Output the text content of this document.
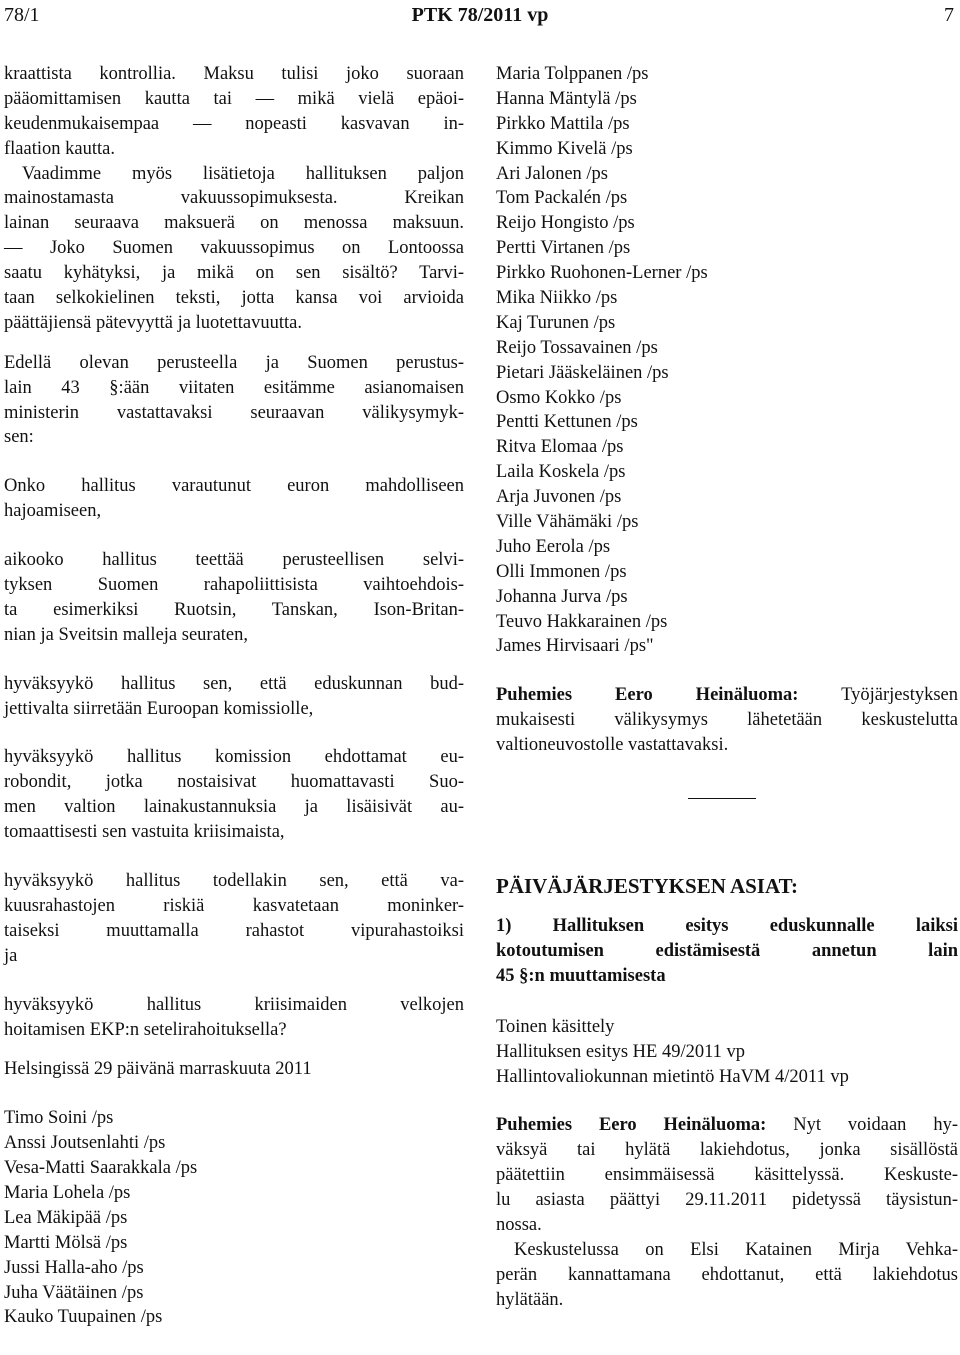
78/1	PTK 78/2011 vp	7
kraattista kontrollia. Maksu tulisi joko suoraan
pääomittamisen kautta tai — mikä vielä epäoi-
keudenmukaisempaa — nopeasti kasvavan in-
flaation kautta.
Vaadimme myös lisätietoja hallituksen paljon
mainostamasta vakuussopimuksesta. Kreikan
lainan seuraava maksuerä on menossa maksuun.
— Joko Suomen vakuussopimus on Lontoossa
saatu kyhätyksi, ja mikä on sen sisältö? Tarvi-
taan selkokielinen teksti, jotta kansa voi arvioida
päättäjiensä pätevyyttä ja luotettavuutta.
Edellä olevan perusteella ja Suomen perustus-
lain 43 §:ään viitaten esitämme asianomaisen
ministerin vastattavaksi seuraavan välikysymyk-
sen:
Onko hallitus varautunut euron mahdolliseen
hajoamiseen,
aikooko hallitus teettää perusteellisen selvi-
tyksen Suomen rahapoliittisista vaihtoehdois-
ta esimerkiksi Ruotsin, Tanskan, Ison-Britan-
nian ja Sveitsin malleja seuraten,
hyväksyykö hallitus sen, että eduskunnan bud-
jettivalta siirretään Euroopan komissiolle,
hyväksyykö hallitus komission ehdottamat eu-
robondit, jotka nostaisivat huomattavasti Suo-
men valtion lainakustannuksia ja lisäisivät au-
tomaattisesti sen vastuita kriisimaista,
hyväksyykö hallitus todellakin sen, että va-
kuusrahastojen riskiä kasvatetaan moninker-
taiseksi muuttamalla rahastot vipurahastoiksi
ja
hyväksyykö hallitus kriisimaiden velkojen
hoitamisen EKP:n setelirahoituksella?
Helsingissä 29 päivänä marraskuuta 2011
Timo Soini /ps
Anssi Joutsenlahti /ps
Vesa-Matti Saarakkala /ps
Maria Lohela /ps
Lea Mäkipää /ps
Martti Mölsä /ps
Jussi Halla-aho /ps
Juha Väätäinen /ps
Kauko Tuupainen /ps
Maria Tolppanen /ps
Hanna Mäntylä /ps
Pirkko Mattila /ps
Kimmo Kivelä /ps
Ari Jalonen /ps
Tom Packalén /ps
Reijo Hongisto /ps
Pertti Virtanen /ps
Pirkko Ruohonen-Lerner /ps
Mika Niikko /ps
Kaj Turunen /ps
Reijo Tossavainen /ps
Pietari Jääskeläinen /ps
Osmo Kokko /ps
Pentti Kettunen /ps
Ritva Elomaa /ps
Laila Koskela /ps
Arja Juvonen /ps
Ville Vähämäki /ps
Juho Eerola /ps
Olli Immonen /ps
Johanna Jurva /ps
Teuvo Hakkarainen /ps
James Hirvisaari /ps"
Puhemies Eero Heinäluoma: Työjärjestyksen
mukaisesti välikysymys lähetetään keskustelutta
valtioneuvostolle vastattavaksi.
PÄIVÄJÄRJESTYKSEN ASIAT:
1) Hallituksen esitys eduskunnalle laiksi
kotoutumisen edistämisestä annetun lain
45 §:n muuttamisesta
Toinen käsittely
Hallituksen esitys HE 49/2011 vp
Hallintovaliokunnan mietintö HaVM 4/2011 vp
Puhemies Eero Heinäluoma: Nyt voidaan hy-
väksyä tai hylätä lakiehdotus, jonka sisällöstä
päätettiin ensimmäisessä käsittelyssä. Keskuste-
lu asiasta päättyi 29.11.2011 pidetyssä täysistun-
nossa.
Keskustelussa on Elsi Katainen Mirja Vehka-
perän kannattamana ehdottanut, että lakiehdotus
hylätään.
